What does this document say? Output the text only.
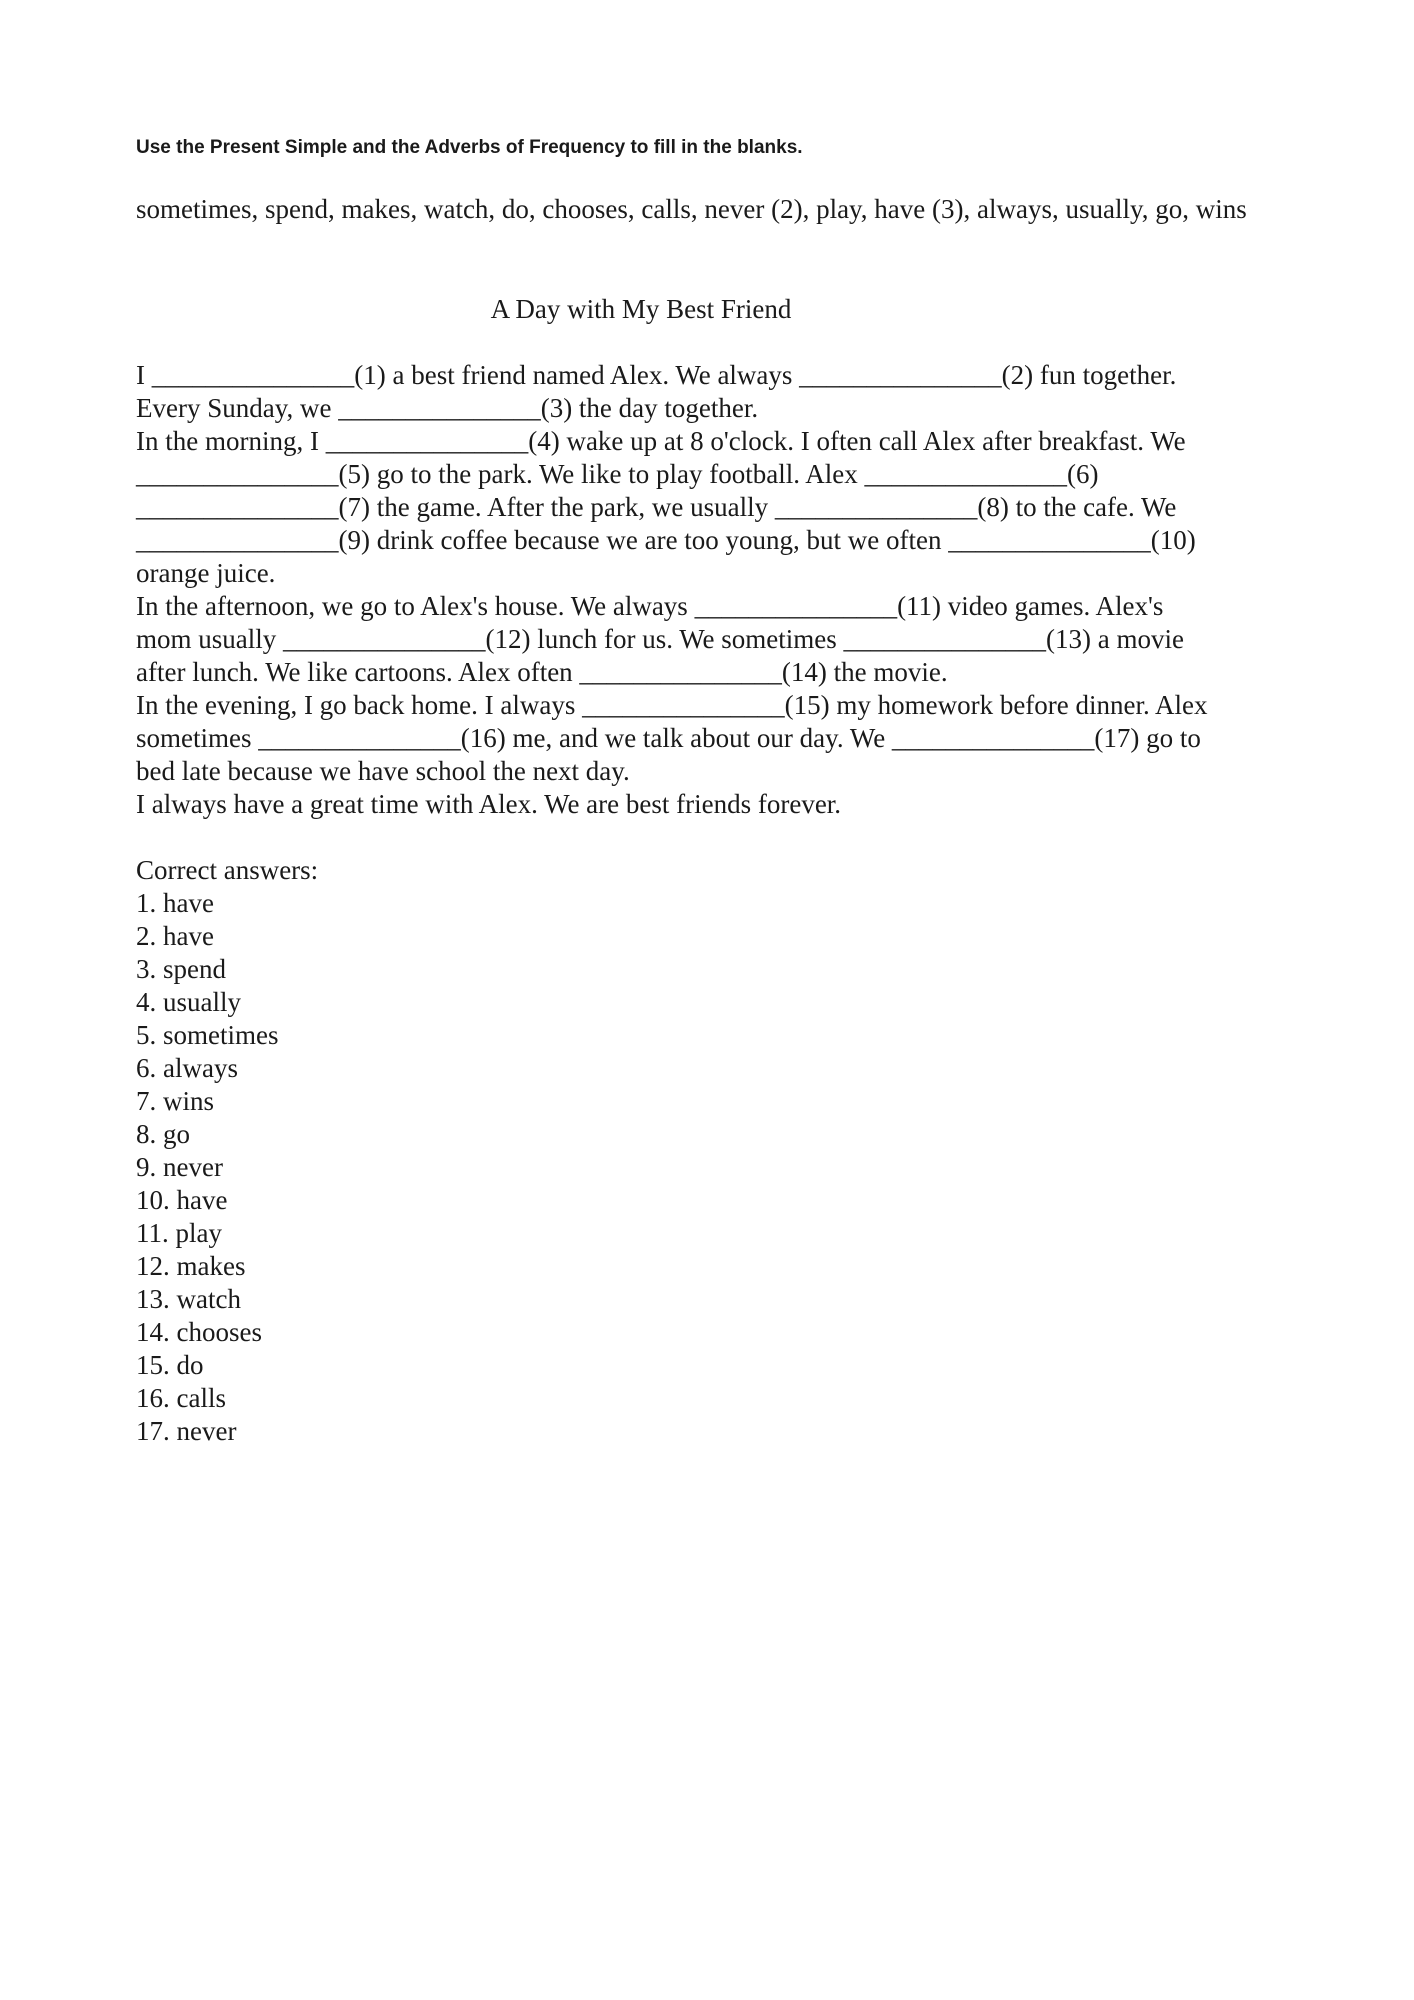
Use the Present Simple and the Adverbs of Frequency to fill in the blanks.

sometimes, spend, makes, watch, do, chooses, calls, never (2), play, have (3), always, usually, go, wins

A Day with My Best Friend
I _______________(1) a best friend named Alex. We always _______________(2) fun together.
Every Sunday, we _______________(3) the day together.
In the morning, I _______________(4) wake up at 8 o'clock. I often call Alex after breakfast. We
_______________(5) go to the park. We like to play football. Alex _______________(6)
_______________(7) the game. After the park, we usually _______________(8) to the cafe. We
_______________(9) drink coffee because we are too young, but we often _______________(10)
orange juice.
In the afternoon, we go to Alex's house. We always _______________(11) video games. Alex's
mom usually _______________(12) lunch for us. We sometimes _______________(13) a movie
after lunch. We like cartoons. Alex often _______________(14) the movie.
In the evening, I go back home. I always _______________(15) my homework before dinner. Alex
sometimes _______________(16) me, and we talk about our day. We _______________(17) go to
bed late because we have school the next day.
I always have a great time with Alex. We are best friends forever.

Correct answers:

1. have
2. have
3. spend
4. usually
5. sometimes
6. always
7. wins
8. go
9. never
10. have
11. play
12. makes
13. watch
14. chooses
15. do
16. calls
17. never
